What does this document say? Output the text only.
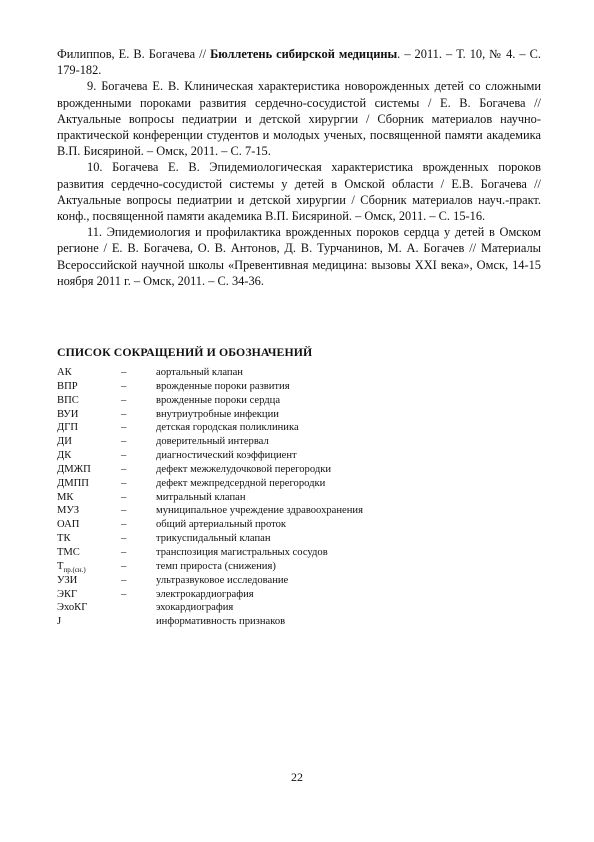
Филиппов, Е. В. Богачева // Бюллетень сибирской медицины. – 2011. – Т. 10, № 4. – С. 179-182.

9. Богачева Е. В. Клиническая характеристика новорожденных детей со сложными врожденными пороками развития сердечно-сосудистой системы / Е. В. Богачева // Актуальные вопросы педиатрии и детской хирургии / Сборник материалов научно-практической конференции студентов и молодых ученых, посвященной памяти академика В.П. Бисяриной. – Омск, 2011. – С. 7-15.

10. Богачева Е. В. Эпидемиологическая характеристика врожденных пороков развития сердечно-сосудистой системы у детей в Омской области / Е.В. Богачева // Актуальные вопросы педиатрии и детской хирургии / Сборник материалов науч.-практ. конф., посвященной памяти академика В.П. Бисяриной. – Омск, 2011. – С. 15-16.

11. Эпидемиология и профилактика врожденных пороков сердца у детей в Омском регионе / Е. В. Богачева, О. В. Антонов, Д. В. Турчанинов, М. А. Богачев // Материалы Всероссийской научной школы «Превентивная медицина: вызовы XXI века», Омск, 14-15 ноября 2011 г. – Омск, 2011. – С. 34-36.

СПИСОК СОКРАЩЕНИЙ И ОБОЗНАЧЕНИЙ
АК	–	аортальный клапан
ВПР	–	врожденные пороки развития
ВПС	–	врожденные пороки сердца
ВУИ	–	внутриутробные инфекции
ДГП	–	детская городская поликлиника
ДИ	–	доверительный интервал
ДК	–	диагностический коэффициент
ДМЖП	–	дефект межжелудочковой перегородки
ДМПП	–	дефект межпредсердной перегородки
МК	–	митральный клапан
МУЗ	–	муниципальное учреждение здравоохранения
ОАП	–	общий артериальный проток
ТК	–	трикуспидальный клапан
ТМС	–	транспозиция магистральных сосудов
$Т_{пр.(сн.)}$	–	темп прироста (снижения)
УЗИ	–	ультразвуковое исследование
ЭКГ	–	электрокардиография
ЭхоКГ	эхокардиография
J	информативность признаков
22
